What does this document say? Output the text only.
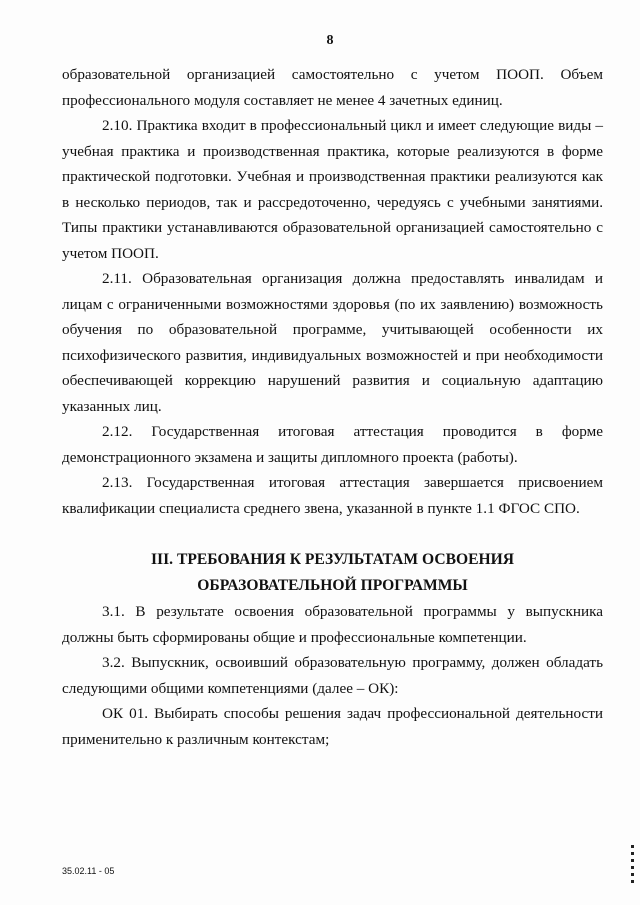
8

образовательной организацией самостоятельно с учетом ПООП. Объем профессионального модуля составляет не менее 4 зачетных единиц.

2.10. Практика входит в профессиональный цикл и имеет следующие виды – учебная практика и производственная практика, которые реализуются в форме практической подготовки. Учебная и производственная практики реализуются как в несколько периодов, так и рассредоточенно, чередуясь с учебными занятиями. Типы практики устанавливаются образовательной организацией самостоятельно с учетом ПООП.

2.11. Образовательная организация должна предоставлять инвалидам и лицам с ограниченными возможностями здоровья (по их заявлению) возможность обучения по образовательной программе, учитывающей особенности их психофизического развития, индивидуальных возможностей и при необходимости обеспечивающей коррекцию нарушений развития и социальную адаптацию указанных лиц.

2.12. Государственная итоговая аттестация проводится в форме демонстрационного экзамена и защиты дипломного проекта (работы).

2.13. Государственная итоговая аттестация завершается присвоением квалификации специалиста среднего звена, указанной в пункте 1.1 ФГОС СПО.

III. ТРЕБОВАНИЯ К РЕЗУЛЬТАТАМ ОСВОЕНИЯ ОБРАЗОВАТЕЛЬНОЙ ПРОГРАММЫ

3.1. В результате освоения образовательной программы у выпускника должны быть сформированы общие и профессиональные компетенции.

3.2. Выпускник, освоивший образовательную программу, должен обладать следующими общими компетенциями (далее – ОК):

ОК 01. Выбирать способы решения задач профессиональной деятельности применительно к различным контекстам;

35.02.11 - 05
